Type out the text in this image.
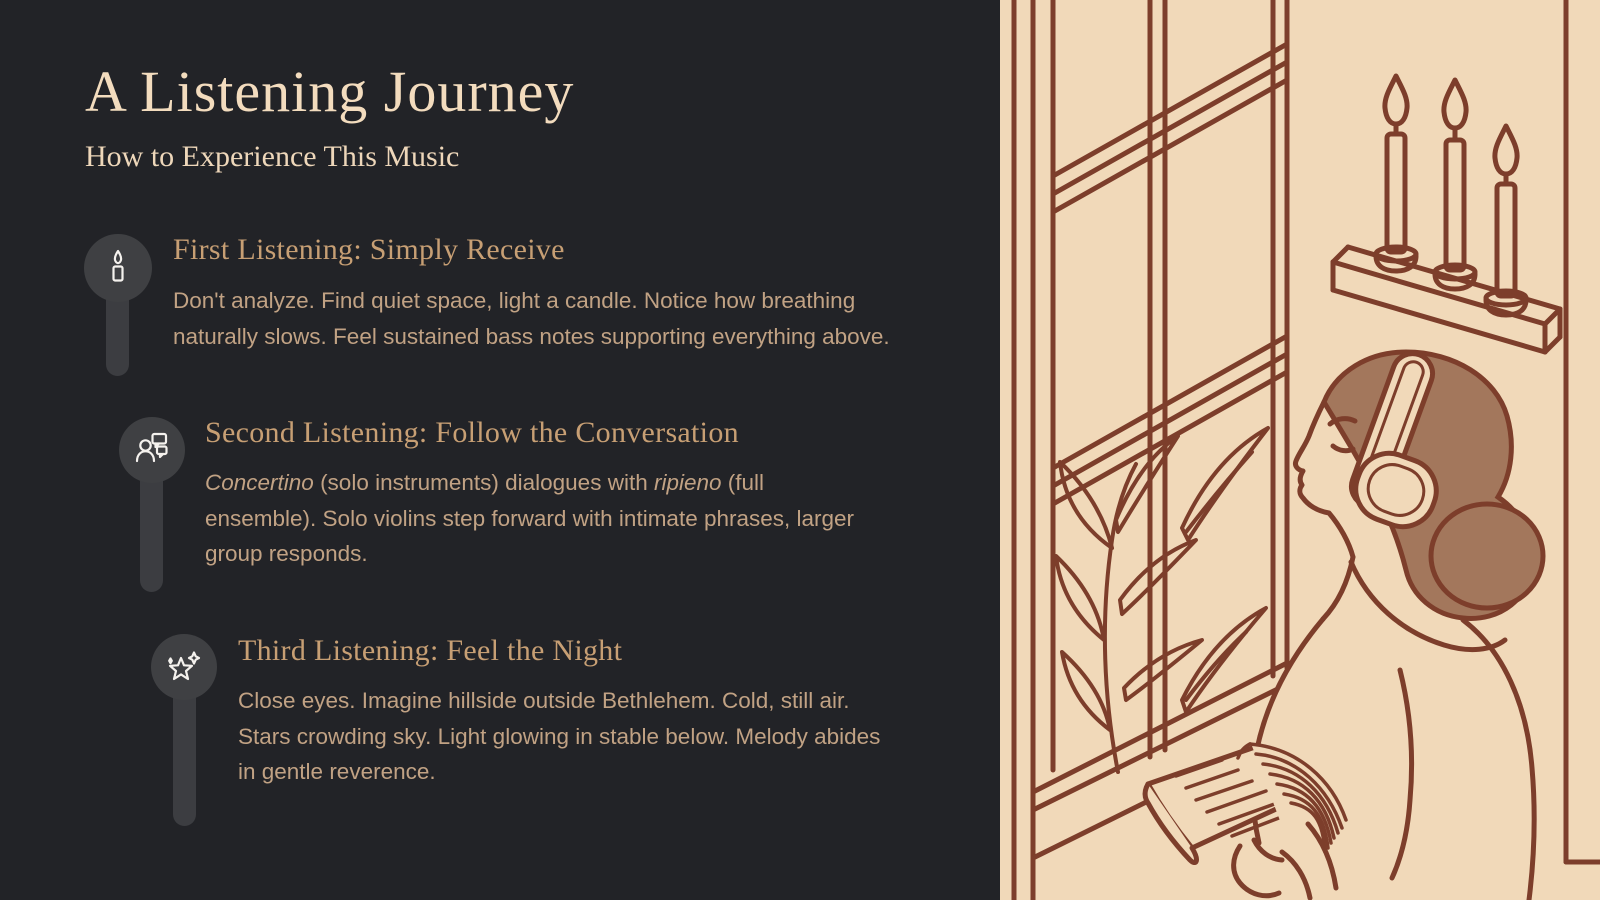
A Listening Journey
How to Experience This Music
First Listening: Simply Receive

Don't analyze. Find quiet space, light a candle. Notice how breathing naturally slows. Feel sustained bass notes supporting everything above.

Second Listening: Follow the Conversation

Concertino (solo instruments) dialogues with ripieno (full ensemble). Solo violins step forward with intimate phrases, larger group responds.

Third Listening: Feel the Night

Close eyes. Imagine hillside outside Bethlehem. Cold, still air. Stars crowding sky. Light glowing in stable below. Melody abides in gentle reverence.
